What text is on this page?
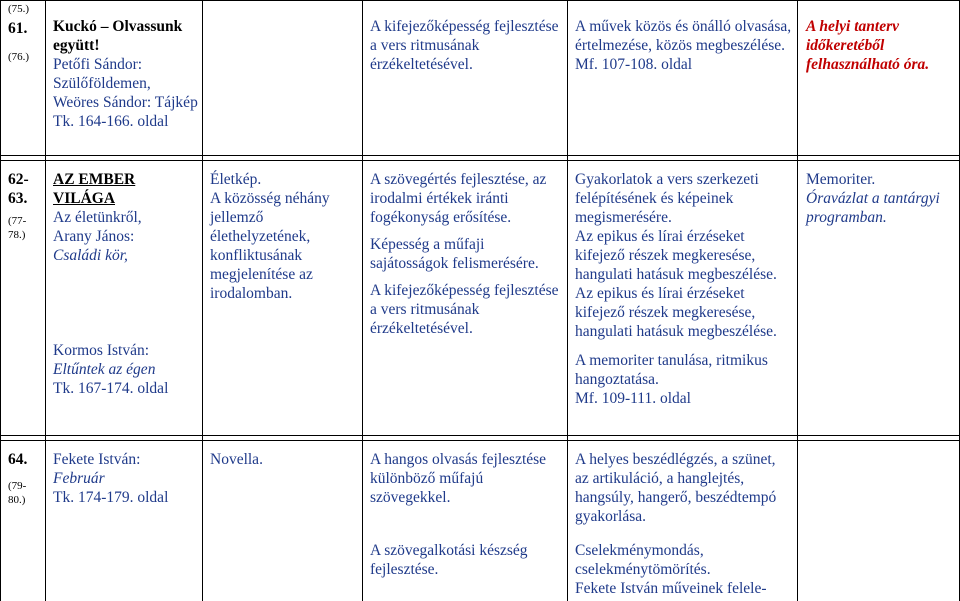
(75.)
61.
(76.)
Kuckó – Olvassunk együtt!
Petőfi Sándor: Szülőföldemen,
Weöres Sándor: Tájkép
Tk. 164-166. oldal
A kifejezőképesség fejlesztése a vers ritmusának érzékeltetésével.
A művek közös és önálló olvasása, értelmezése, közös megbeszélése.
Mf. 107-108. oldal
A helyi tanterv időkeretéből felhasználható óra.
62-63.
(77-78.)
AZ EMBER VILÁGA
Az életünkről,
Arany János:
Családi kör,
Kormos István:
Eltűntek az égen
Tk. 167-174. oldal
Életkép.
A közösség néhány jellemző élethelyzetének, konfliktusának megjelenítése az irodalomban.
A szövegértés fejlesztése, az irodalmi értékek iránti fogékonyság erősítése.
Képesség a műfaji sajátosságok felismerésére.
A kifejezőképesség fejlesztése a vers ritmusának érzékeltetésével.
Gyakorlatok a vers szerkezeti felépítésének és képeinek megismerésére.
Az epikus és lírai érzéseket kifejező részek megkeresése, hangulati hatásuk megbeszélése.
Az epikus és lírai érzéseket kifejező részek megkeresése, hangulati hatásuk megbeszélése.
A memoriter tanulása, ritmikus hangoztatása.
Mf. 109-111. oldal
Memoriter.
Óravázlat a tantárgyi programban.
64.
(79-80.)
Fekete István:
Február
Tk. 174-179. oldal
Novella.	A hangos olvasás fejlesztése különböző műfajú szövegekkel.
A szövegalkotási készség fejlesztése.
A helyes beszédlégzés, a szünet, az artikuláció, a hanglejtés, hangsúly, hangerő, beszédtempó gyakorlása.
Cselekménymondás, cselekménytömörítés.
Fekete István műveinek felele-
